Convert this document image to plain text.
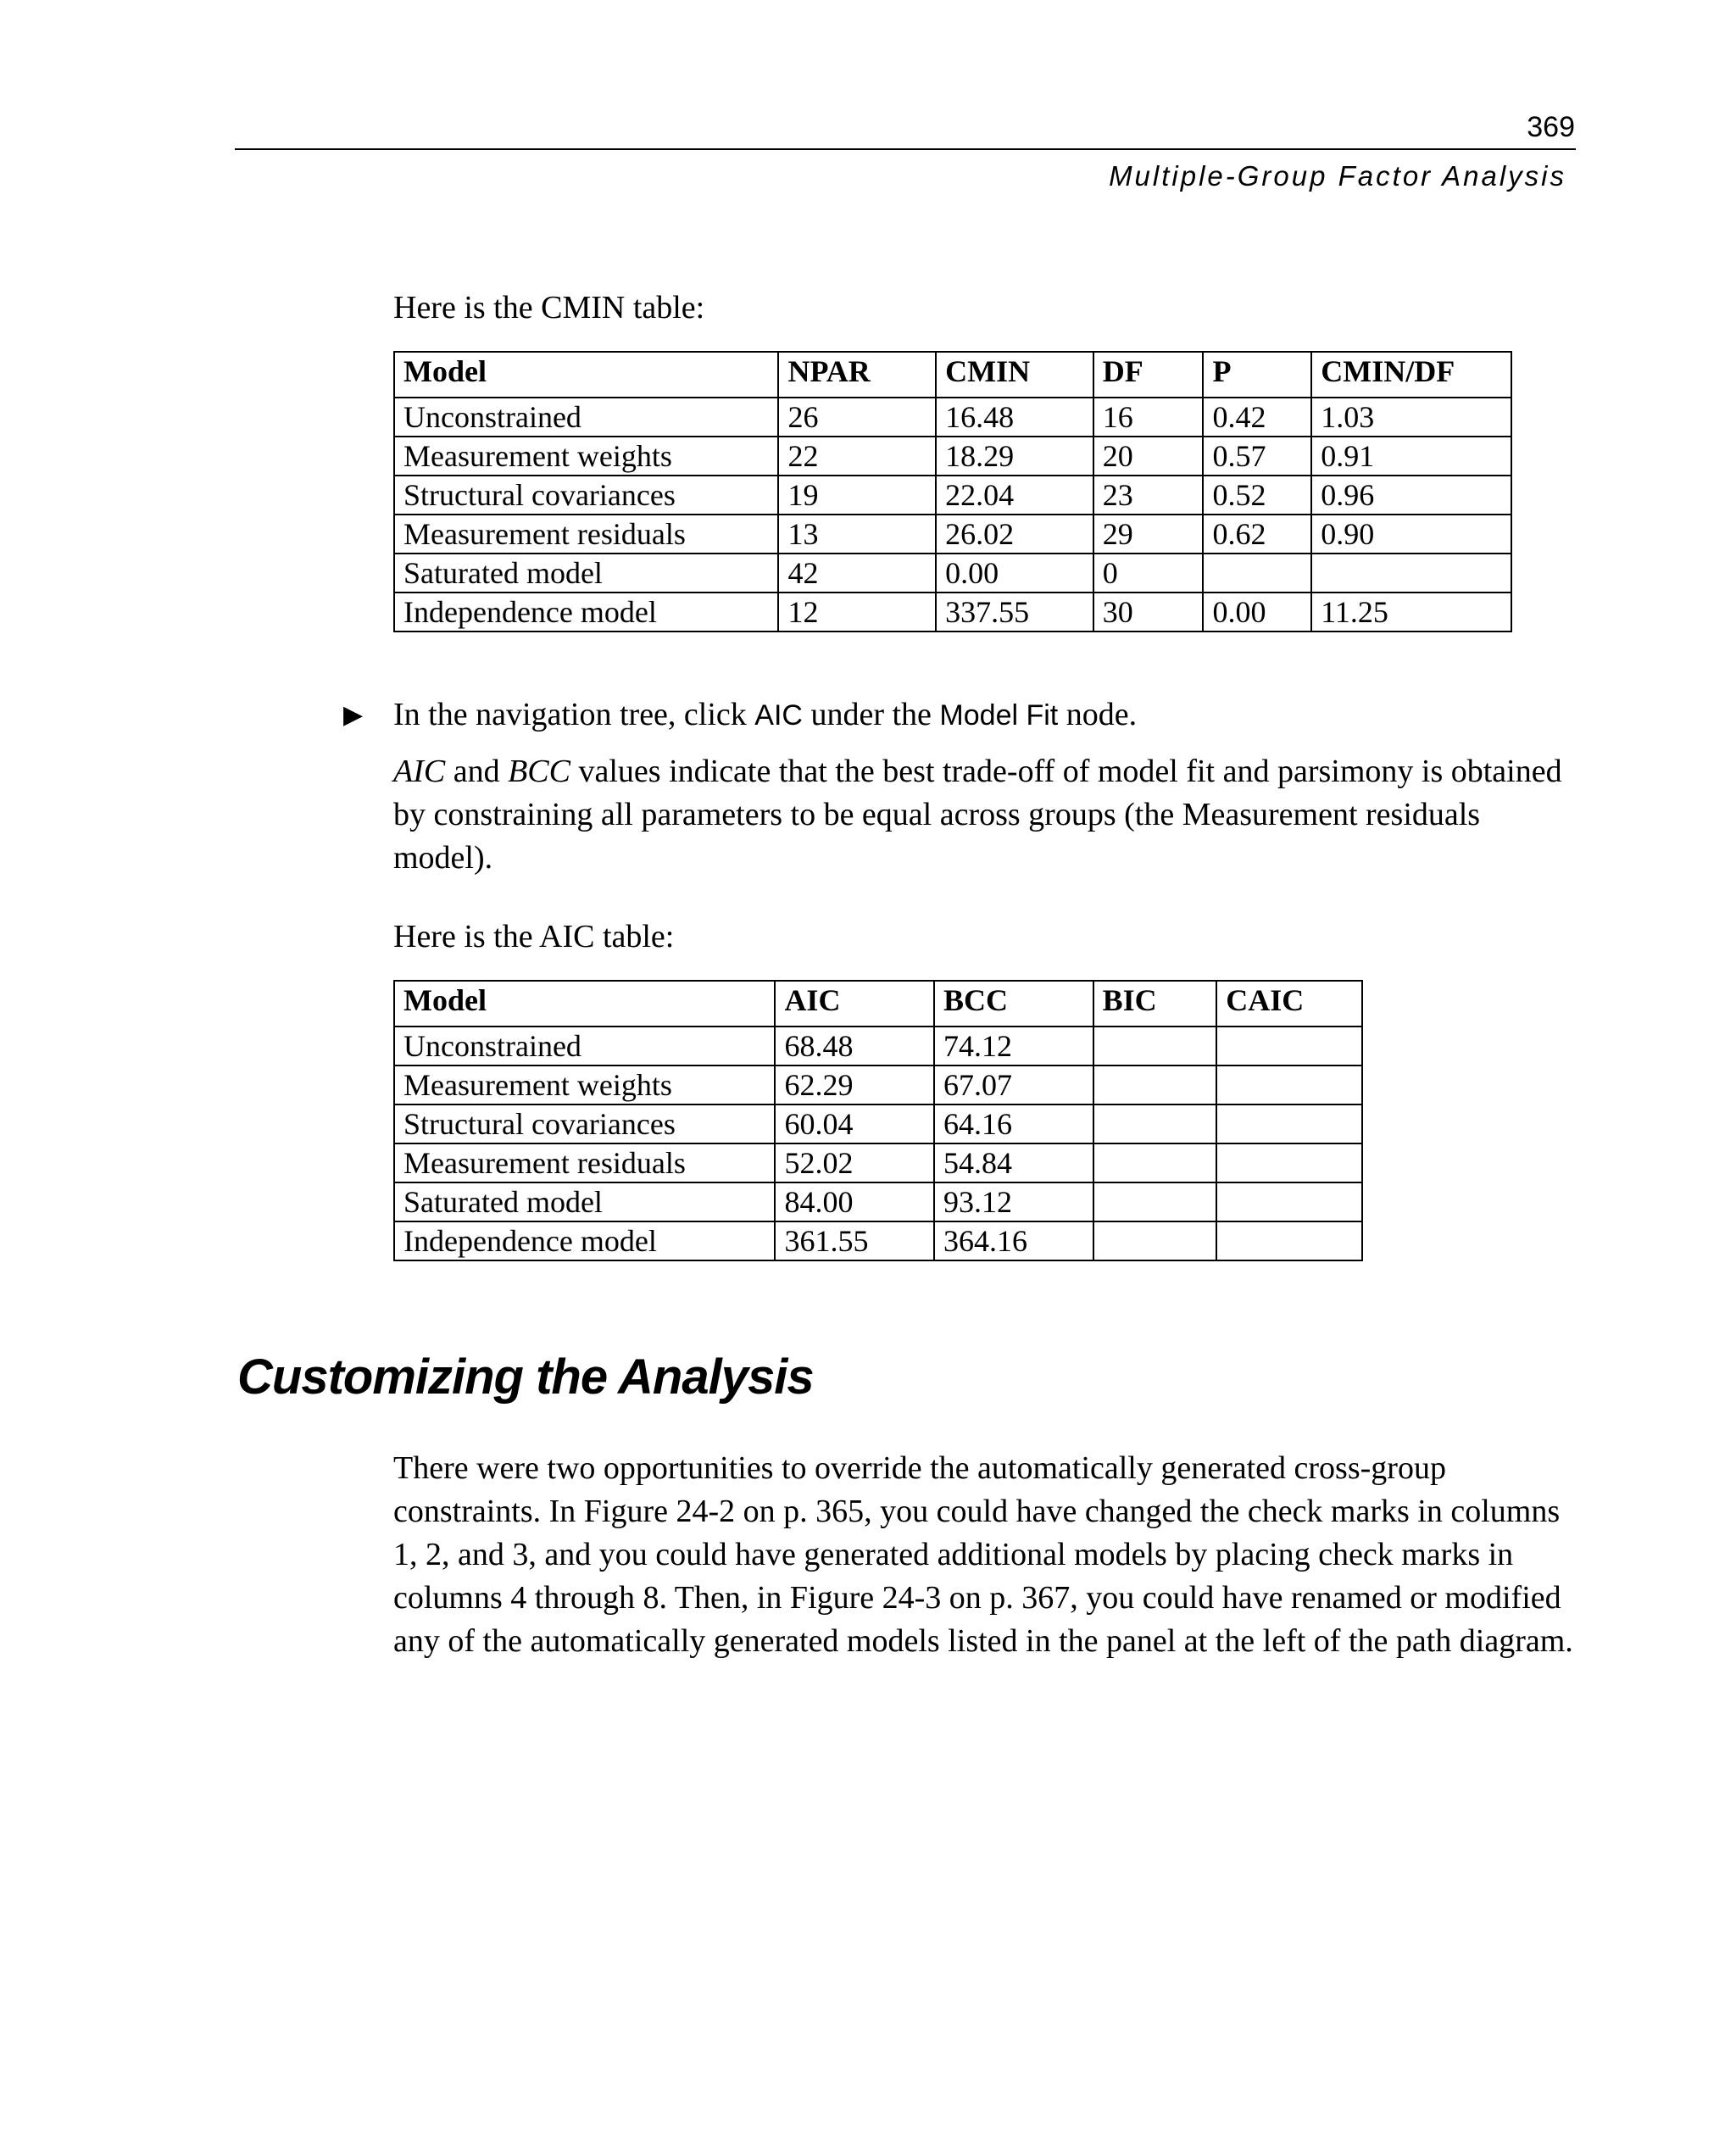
369
Multiple-Group Factor Analysis

Here is the CMIN table:

Model	NPAR	CMIN	DF	P	CMIN/DF
Unconstrained	26	16.48	16	0.42	1.03
Measurement weights	22	18.29	20	0.57	0.91
Structural covariances	19	22.04	23	0.52	0.96
Measurement residuals	13	26.02	29	0.62	0.90
Saturated model	42	0.00	0		
Independence model	12	337.55	30	0.00	11.25
▶ In the navigation tree, click AIC under the Model Fit node.

AIC and BCC values indicate that the best trade-off of model fit and parsimony is obtained by constraining all parameters to be equal across groups (the Measurement residuals model).

Here is the AIC table:

Model	AIC	BCC	BIC	CAIC
Unconstrained	68.48	74.12		
Measurement weights	62.29	67.07		
Structural covariances	60.04	64.16		
Measurement residuals	52.02	54.84		
Saturated model	84.00	93.12		
Independence model	361.55	364.16		
Customizing the Analysis

There were two opportunities to override the automatically generated cross-group constraints. In Figure 24-2 on p. 365, you could have changed the check marks in columns 1, 2, and 3, and you could have generated additional models by placing check marks in columns 4 through 8. Then, in Figure 24-3 on p. 367, you could have renamed or modified any of the automatically generated models listed in the panel at the left of the path diagram.
